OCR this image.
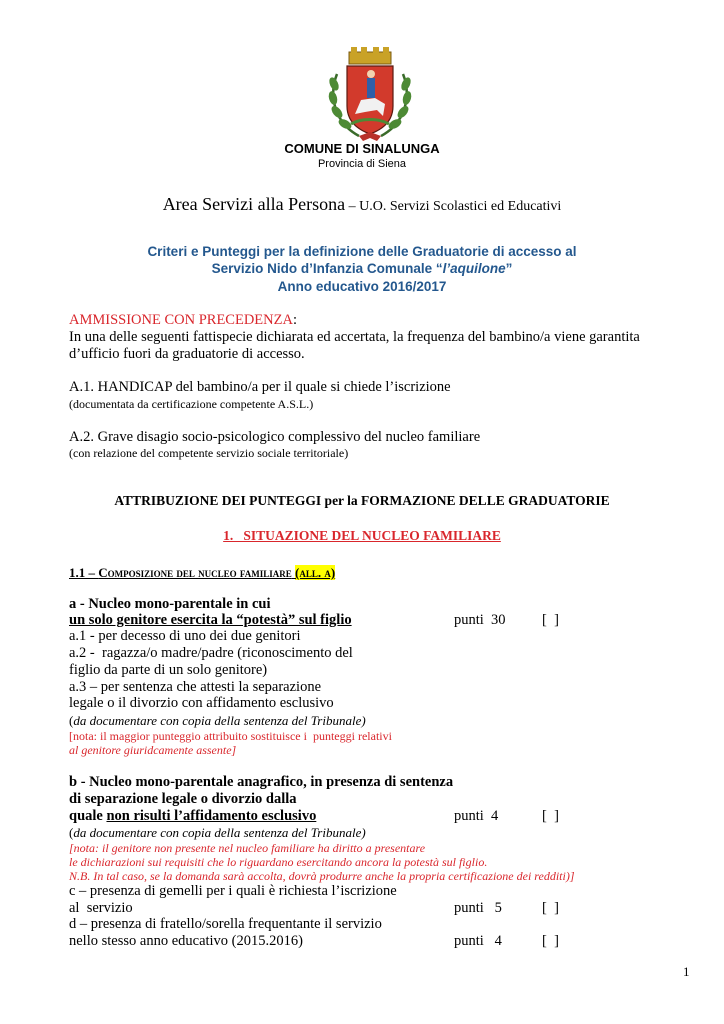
COMUNE DI SINALUNGA
Provincia di Siena
Area Servizi alla Persona – U.O. Servizi Scolastici ed Educativi
Criteri e Punteggi per la definizione delle Graduatorie di accesso al
Servizio Nido d’Infanzia Comunale “l’aquilone”
Anno educativo 2016/2017
AMMISSIONE CON PRECEDENZA:
In una delle seguenti fattispecie dichiarata ed accertata, la frequenza del bambino/a viene garantita
d’ufficio fuori da graduatorie di accesso.
A.1. HANDICAP del bambino/a per il quale si chiede l’iscrizione
(documentata da certificazione competente A.S.L.)
A.2. Grave disagio socio-psicologico complessivo del nucleo familiare
(con relazione del competente servizio sociale territoriale)
ATTRIBUZIONE DEI PUNTEGGI per la FORMAZIONE DELLE GRADUATORIE
1.   SITUAZIONE DEL NUCLEO FAMILIARE
1.1 – Composizione del nucleo familiare (all. a)
a - Nucleo mono-parentale in cui
un solo genitore esercita la “potestà” sul figlio	punti  30	[  ]
a.1 - per decesso di uno dei due genitori
a.2 -  ragazza/o madre/padre (riconoscimento del
figlio da parte di un solo genitore)
a.3 – per sentenza che attesti la separazione
legale o il divorzio con affidamento esclusivo
(da documentare con copia della sentenza del Tribunale)
[nota: il maggior punteggio attribuito sostituisce i  punteggi relativi
al genitore giuridcamente assente]
b - Nucleo mono-parentale anagrafico, in presenza di sentenza
di separazione legale o divorzio dalla
quale non risulti l’affidamento esclusivo	punti  4	[  ]
(da documentare con copia della sentenza del Tribunale)
[nota: il genitore non presente nel nucleo familiare ha diritto a presentare
le dichiarazioni sui requisiti che lo riguardano esercitando ancora la potestà sul figlio.
N.B. In tal caso, se la domanda sarà accolta, dovrà produrre anche la propria certificazione dei redditi)]
c – presenza di gemelli per i quali è richiesta l’iscrizione
al  servizio	punti   5	[  ]
d – presenza di fratello/sorella frequentante il servizio
nello stesso anno educativo (2015.2016)	punti   4	[  ]
1
